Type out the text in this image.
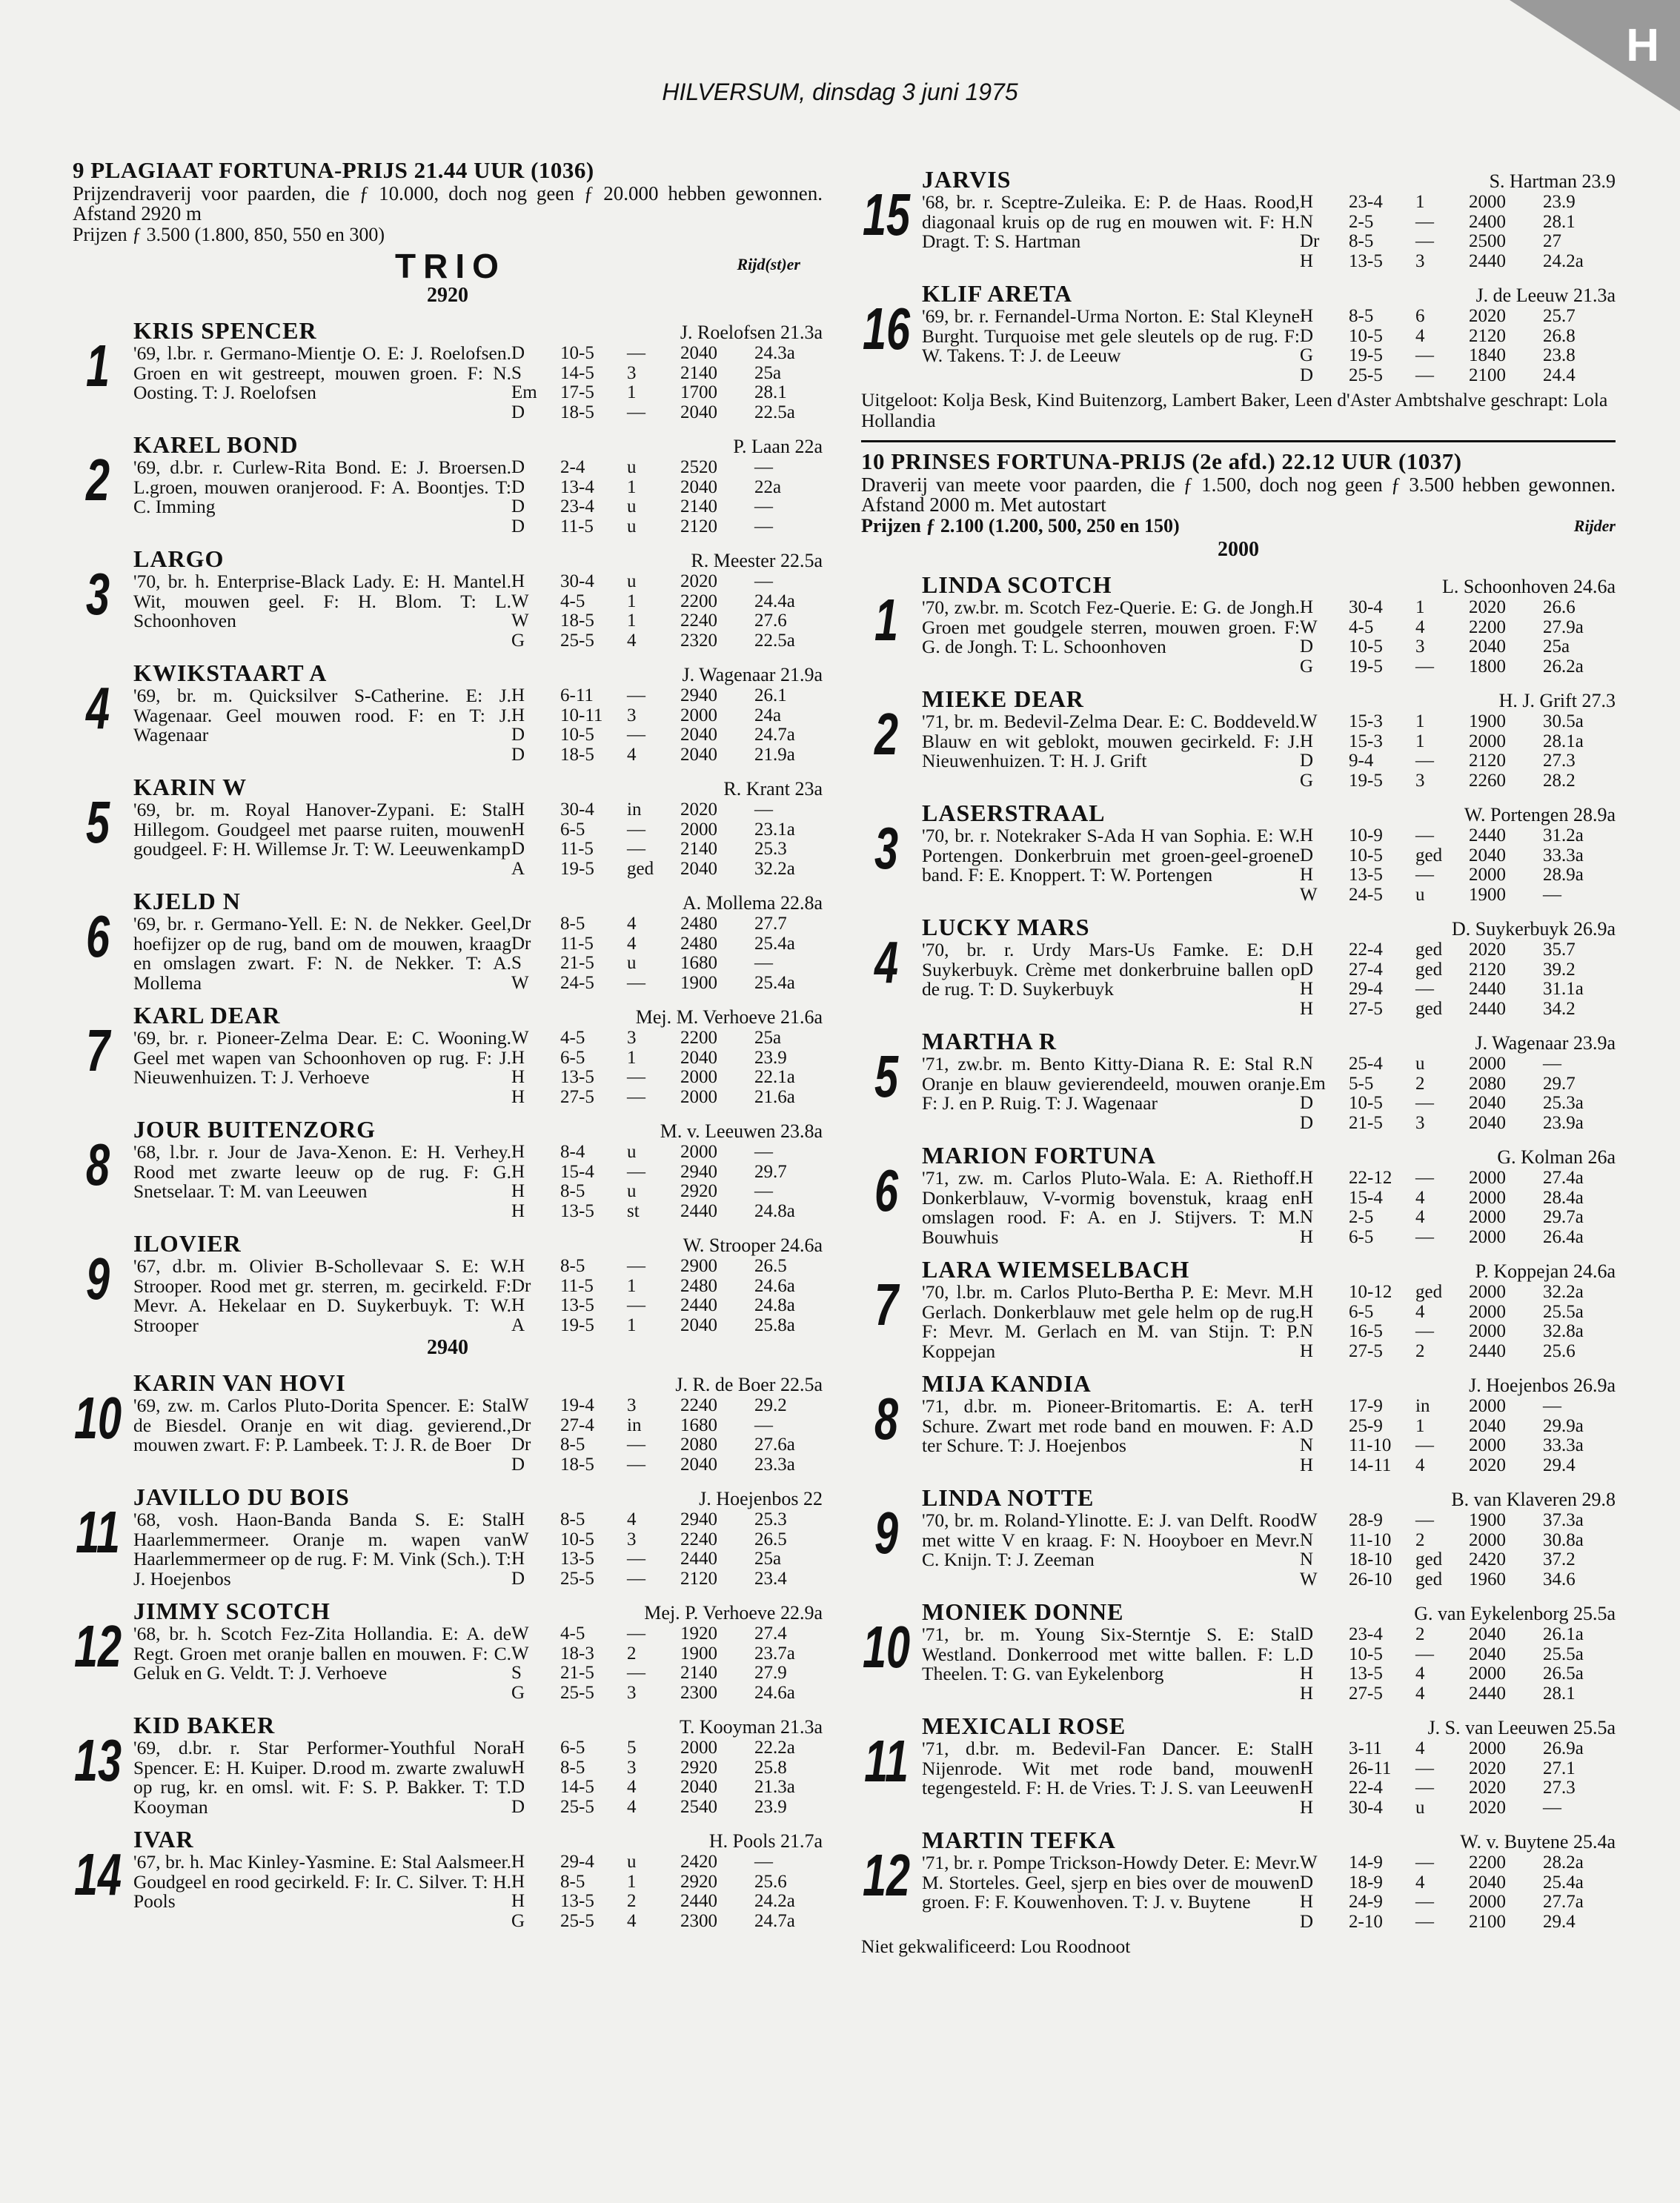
H
HILVERSUM, dinsdag 3 juni 1975
9 PLAGIAAT FORTUNA-PRIJS 21.44 UUR (1036)
Prijzendraverij voor paarden, die ƒ 10.000, doch nog geen ƒ 20.000 hebben gewonnen. Afstand 2920 m
Prijzen ƒ 3.500 (1.800, 850, 550 en 300)
TRIO	Rijd(st)er
2920
1
KRIS SPENCER	J. Roelofsen 21.3a
'69, l.br. r. Germano-Mientje O. E: J. Roelofsen. Groen en wit gestreept, mouwen groen. F: N. Oosting. T: J. Roelofsen
D	10-5	—	2040	24.3a
S	14-5	3	2140	25a
Em	17-5	1	1700	28.1
D	18-5	—	2040	22.5a
2
KAREL BOND	P. Laan 22a
'69, d.br. r. Curlew-Rita Bond. E: J. Broersen. L.groen, mouwen oranjerood. F: A. Boontjes. T: C. Imming
D	2-4	u	2520	—
D	13-4	1	2040	22a
D	23-4	u	2140	—
D	11-5	u	2120	—
3
LARGO	R. Meester 22.5a
'70, br. h. Enterprise-Black Lady. E: H. Mantel. Wit, mouwen geel. F: H. Blom. T: L. Schoonhoven
H	30-4	u	2020	—
W	4-5	1	2200	24.4a
W	18-5	1	2240	27.6
G	25-5	4	2320	22.5a
4
KWIKSTAART A	J. Wagenaar 21.9a
'69, br. m. Quicksilver S-Catherine. E: J. Wagenaar. Geel mouwen rood. F: en T: J. Wagenaar
H	6-11	—	2940	26.1
H	10-11	3	2000	24a
D	10-5	—	2040	24.7a
D	18-5	4	2040	21.9a
5
KARIN W	R. Krant 23a
'69, br. m. Royal Hanover-Zypani. E: Stal Hillegom. Goudgeel met paarse ruiten, mouwen goudgeel. F: H. Willemse Jr. T: W. Leeuwenkamp
H	30-4	in	2020	—
H	6-5	—	2000	23.1a
D	11-5	—	2140	25.3
A	19-5	ged	2040	32.2a
6
KJELD N	A. Mollema 22.8a
'69, br. r. Germano-Yell. E: N. de Nekker. Geel, hoefijzer op de rug, band om de mouwen, kraag en omslagen zwart. F: N. de Nekker. T: A. Mollema
Dr	8-5	4	2480	27.7
Dr	11-5	4	2480	25.4a
S	21-5	u	1680	—
W	24-5	—	1900	25.4a
7
KARL DEAR	Mej. M. Verhoeve 21.6a
'69, br. r. Pioneer-Zelma Dear. E: C. Wooning. Geel met wapen van Schoonhoven op rug. F: J. Nieuwenhuizen. T: J. Verhoeve
W	4-5	3	2200	25a
H	6-5	1	2040	23.9
H	13-5	—	2000	22.1a
H	27-5	—	2000	21.6a
8
JOUR BUITENZORG	M. v. Leeuwen 23.8a
'68, l.br. r. Jour de Java-Xenon. E: H. Verhey. Rood met zwarte leeuw op de rug. F: G. Snetselaar. T: M. van Leeuwen
H	8-4	u	2000	—
H	15-4	—	2940	29.7
H	8-5	u	2920	—
H	13-5	st	2440	24.8a
9
ILOVIER	W. Strooper 24.6a
'67, d.br. m. Olivier B-Schollevaar S. E: W. Strooper. Rood met gr. sterren, m. gecirkeld. F: Mevr. A. Hekelaar en D. Suykerbuyk. T: W. Strooper
H	8-5	—	2900	26.5
Dr	11-5	1	2480	24.6a
H	13-5	—	2440	24.8a
A	19-5	1	2040	25.8a
2940
10
KARIN VAN HOVI	J. R. de Boer 22.5a
'69, zw. m. Carlos Pluto-Dorita Spencer. E: Stal de Biesdel. Oranje en wit diag. gevierend., mouwen zwart. F: P. Lambeek. T: J. R. de Boer
W	19-4	3	2240	29.2
Dr	27-4	in	1680	—
Dr	8-5	—	2080	27.6a
D	18-5	—	2040	23.3a
11
JAVILLO DU BOIS	J. Hoejenbos 22
'68, vosh. Haon-Banda Banda S. E: Stal Haarlemmermeer. Oranje m. wapen van Haarlemmermeer op de rug. F: M. Vink (Sch.). T: J. Hoejenbos
H	8-5	4	2940	25.3
W	10-5	3	2240	26.5
H	13-5	—	2440	25a
D	25-5	—	2120	23.4
12
JIMMY SCOTCH	Mej. P. Verhoeve 22.9a
'68, br. h. Scotch Fez-Zita Hollandia. E: A. de Regt. Groen met oranje ballen en mouwen. F: C. Geluk en G. Veldt. T: J. Verhoeve
W	4-5	—	1920	27.4
W	18-3	2	1900	23.7a
S	21-5	—	2140	27.9
G	25-5	3	2300	24.6a
13
KID BAKER	T. Kooyman 21.3a
'69, d.br. r. Star Performer-Youthful Nora Spencer. E: H. Kuiper. D.rood m. zwarte zwaluw op rug, kr. en omsl. wit. F: S. P. Bakker. T: T. Kooyman
H	6-5	5	2000	22.2a
H	8-5	3	2920	25.8
D	14-5	4	2040	21.3a
D	25-5	4	2540	23.9
14
IVAR	H. Pools 21.7a
'67, br. h. Mac Kinley-Yasmine. E: Stal Aalsmeer. Goudgeel en rood gecirkeld. F: Ir. C. Silver. T: H. Pools
H	29-4	u	2420	—
H	8-5	1	2920	25.6
H	13-5	2	2440	24.2a
G	25-5	4	2300	24.7a
15
JARVIS	S. Hartman 23.9
'68, br. r. Sceptre-Zuleika. E: P. de Haas. Rood, diagonaal kruis op de rug en mouwen wit. F: H. Dragt. T: S. Hartman
H	23-4	1	2000	23.9
N	2-5	—	2400	28.1
Dr	8-5	—	2500	27
H	13-5	3	2440	24.2a
16
KLIF ARETA	J. de Leeuw 21.3a
'69, br. r. Fernandel-Urma Norton. E: Stal Kleyne Burght. Turquoise met gele sleutels op de rug. F: W. Takens. T: J. de Leeuw
H	8-5	6	2020	25.7
D	10-5	4	2120	26.8
G	19-5	—	1840	23.8
D	25-5	—	2100	24.4
Uitgeloot: Kolja Besk, Kind Buitenzorg, Lambert Baker, Leen d'Aster Ambtshalve geschrapt: Lola Hollandia
10 PRINSES FORTUNA-PRIJS (2e afd.) 22.12 UUR (1037)
Draverij van meete voor paarden, die ƒ 1.500, doch nog geen ƒ 3.500 hebben gewonnen. Afstand 2000 m. Met autostart
Prijzen ƒ 2.100 (1.200, 500, 250 en 150)	Rijder
2000
1
LINDA SCOTCH	L. Schoonhoven 24.6a
'70, zw.br. m. Scotch Fez-Querie. E: G. de Jongh. Groen met goudgele sterren, mouwen groen. F: G. de Jongh. T: L. Schoonhoven
H	30-4	1	2020	26.6
W	4-5	4	2200	27.9a
D	10-5	3	2040	25a
G	19-5	—	1800	26.2a
2
MIEKE DEAR	H. J. Grift 27.3
'71, br. m. Bedevil-Zelma Dear. E: C. Boddeveld. Blauw en wit geblokt, mouwen gecirkeld. F: J. Nieuwenhuizen. T: H. J. Grift
W	15-3	1	1900	30.5a
H	15-3	1	2000	28.1a
D	9-4	—	2120	27.3
G	19-5	3	2260	28.2
3
LASERSTRAAL	W. Portengen 28.9a
'70, br. r. Notekraker S-Ada H van Sophia. E: W. Portengen. Donkerbruin met groen-geel-groene band. F: E. Knoppert. T: W. Portengen
H	10-9	—	2440	31.2a
D	10-5	ged	2040	33.3a
H	13-5	—	2000	28.9a
W	24-5	u	1900	—
4
LUCKY MARS	D. Suykerbuyk 26.9a
'70, br. r. Urdy Mars-Us Famke. E: D. Suykerbuyk. Crème met donkerbruine ballen op de rug. T: D. Suykerbuyk
H	22-4	ged	2020	35.7
D	27-4	ged	2120	39.2
H	29-4	—	2440	31.1a
H	27-5	ged	2440	34.2
5
MARTHA R	J. Wagenaar 23.9a
'71, zw.br. m. Bento Kitty-Diana R. E: Stal R. Oranje en blauw gevierendeeld, mouwen oranje. F: J. en P. Ruig. T: J. Wagenaar
N	25-4	u	2000	—
Em	5-5	2	2080	29.7
D	10-5	—	2040	25.3a
D	21-5	3	2040	23.9a
6
MARION FORTUNA	G. Kolman 26a
'71, zw. m. Carlos Pluto-Wala. E: A. Riethoff. Donkerblauw, V-vormig bovenstuk, kraag en omslagen rood. F: A. en J. Stijvers. T: M. Bouwhuis
H	22-12	—	2000	27.4a
H	15-4	4	2000	28.4a
N	2-5	4	2000	29.7a
H	6-5	—	2000	26.4a
7
LARA WIEMSELBACH	P. Koppejan 24.6a
'70, l.br. m. Carlos Pluto-Bertha P. E: Mevr. M. Gerlach. Donkerblauw met gele helm op de rug. F: Mevr. M. Gerlach en M. van Stijn. T: P. Koppejan
H	10-12	ged	2000	32.2a
H	6-5	4	2000	25.5a
N	16-5	—	2000	32.8a
H	27-5	2	2440	25.6
8
MIJA KANDIA	J. Hoejenbos 26.9a
'71, d.br. m. Pioneer-Britomartis. E: A. ter Schure. Zwart met rode band en mouwen. F: A. ter Schure. T: J. Hoejenbos
H	17-9	in	2000	—
D	25-9	1	2040	29.9a
N	11-10	—	2000	33.3a
H	14-11	4	2020	29.4
9
LINDA NOTTE	B. van Klaveren 29.8
'70, br. m. Roland-Ylinotte. E: J. van Delft. Rood met witte V en kraag. F: N. Hooyboer en Mevr. C. Knijn. T: J. Zeeman
W	28-9	—	1900	37.3a
N	11-10	2	2000	30.8a
N	18-10	ged	2420	37.2
W	26-10	ged	1960	34.6
10
MONIEK DONNE	G. van Eykelenborg 25.5a
'71, br. m. Young Six-Sterntje S. E: Stal Westland. Donkerrood met witte ballen. F: L. Theelen. T: G. van Eykelenborg
D	23-4	2	2040	26.1a
D	10-5	—	2040	25.5a
H	13-5	4	2000	26.5a
H	27-5	4	2440	28.1
11
MEXICALI ROSE	J. S. van Leeuwen 25.5a
'71, d.br. m. Bedevil-Fan Dancer. E: Stal Nijenrode. Wit met rode band, mouwen tegengesteld. F: H. de Vries. T: J. S. van Leeuwen
H	3-11	4	2000	26.9a
H	26-11	—	2020	27.1
H	22-4	—	2020	27.3
H	30-4	u	2020	—
12
MARTIN TEFKA	W. v. Buytene 25.4a
'71, br. r. Pompe Trickson-Howdy Deter. E: Mevr. M. Storteles. Geel, sjerp en bies over de mouwen groen. F: F. Kouwenhoven. T: J. v. Buytene
W	14-9	—	2200	28.2a
D	18-9	4	2040	25.4a
H	24-9	—	2000	27.7a
D	2-10	—	2100	29.4
Niet gekwalificeerd: Lou Roodnoot
